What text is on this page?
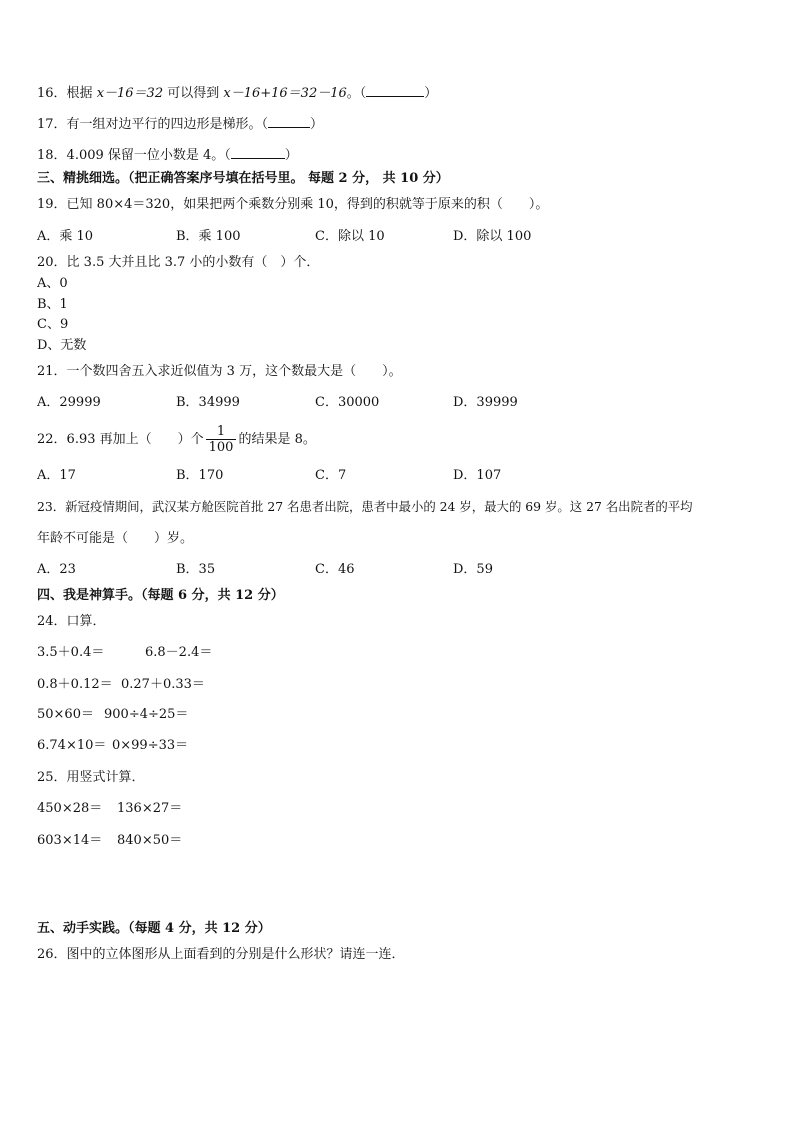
16．根据 x－16＝32 可以得到 x－16+16＝32－16。（	）
17．有一组对边平行的四边形是梯形。（	）
18．4.009 保留一位小数是 4。（	）
三、精挑细选。（把正确答案序号填在括号里。 每题 2 分， 共 10 分）
19．已知 80×4＝320，如果把两个乘数分别乘 10，得到的积就等于原来的积（　　）。
A．乘 10	B．乘 100	C．除以 10	D．除以 100
20．比 3.5 大并且比 3.7 小的小数有（　）个．
A、0
B、1
C、9
D、无数
21．一个数四舍五入求近似值为 3 万，这个数最大是（　　）。
A．29999	B．34999	C．30000	D．39999
22．6.93 再加上（　　）个 $\frac{1}{100}$ 的结果是 8。
A．17	B．170	C．7	D．107
23．新冠疫情期间，武汉某方舱医院首批 27 名患者出院，患者中最小的 24 岁，最大的 69 岁。这 27 名出院者的平均
年龄不可能是（　　）岁。
A．23	B．35	C．46	D．59
四、我是神算手。（每题 6 分，共 12 分）
24．口算．
3.5＋0.4＝	6.8－2.4＝
0.8＋0.12＝ 0.27＋0.33＝
50×60＝ 900÷4÷25＝
6.74×10＝ 0×99÷33＝
25．用竖式计算．
450×28＝ 136×27＝
603×14＝ 840×50＝
五、动手实践。（每题 4 分，共 12 分）
26．图中的立体图形从上面看到的分别是什么形状？请连一连．
